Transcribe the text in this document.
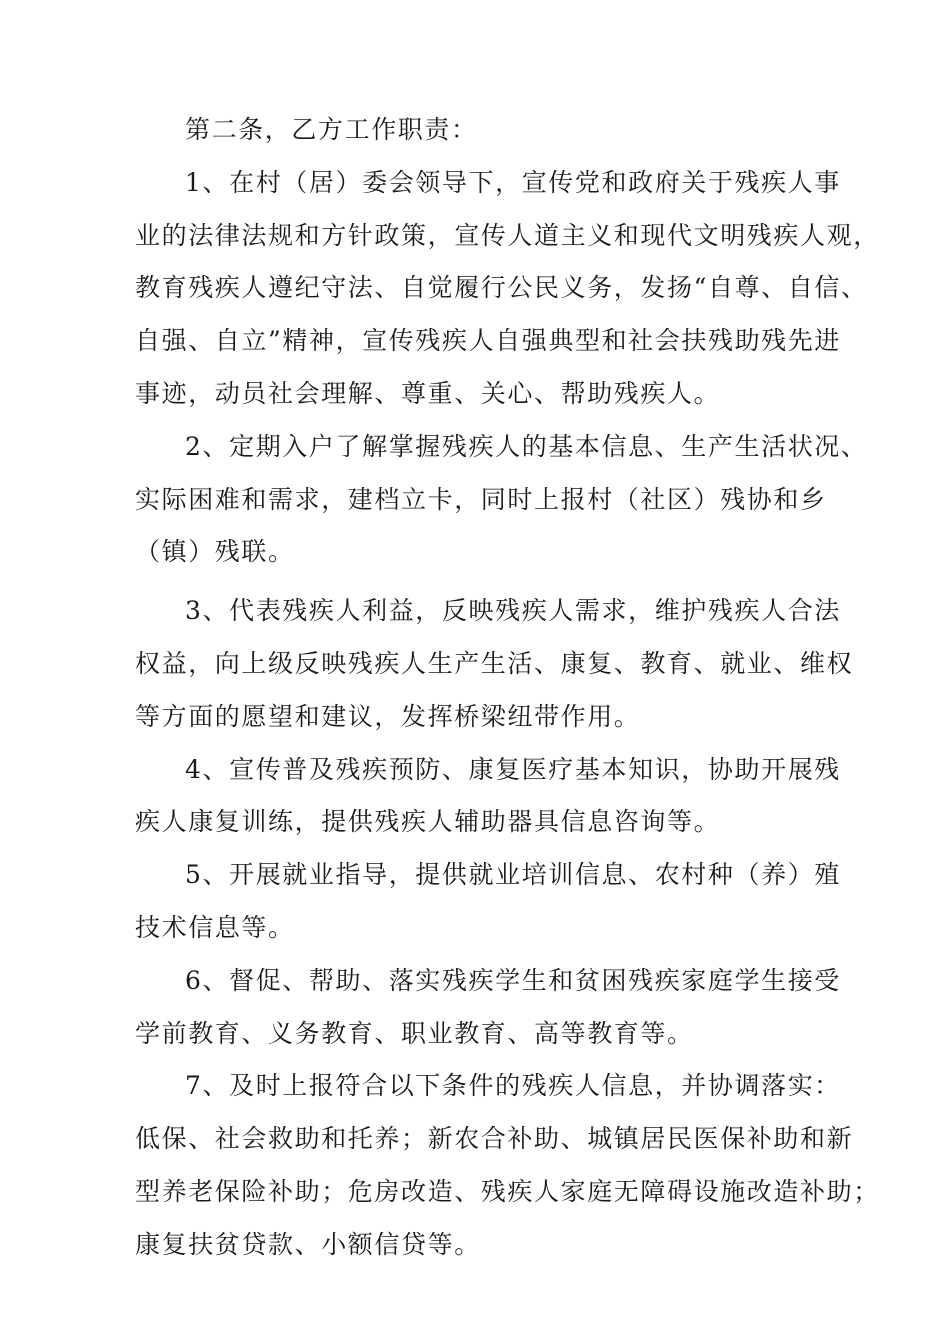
第二条，乙方工作职责：
1、在村（居）委会领导下，宣传党和政府关于残疾人事
业的法律法规和方针政策，宣传人道主义和现代文明残疾人观，
教育残疾人遵纪守法、自觉履行公民义务，发扬“自尊、自信、
自强、自立”精神，宣传残疾人自强典型和社会扶残助残先进
事迹，动员社会理解、尊重、关心、帮助残疾人。
2、定期入户了解掌握残疾人的基本信息、生产生活状况、
实际困难和需求，建档立卡，同时上报村（社区）残协和乡
（镇）残联。
3、代表残疾人利益，反映残疾人需求，维护残疾人合法
权益，向上级反映残疾人生产生活、康复、教育、就业、维权
等方面的愿望和建议，发挥桥梁纽带作用。
4、宣传普及残疾预防、康复医疗基本知识，协助开展残
疾人康复训练，提供残疾人辅助器具信息咨询等。
5、开展就业指导，提供就业培训信息、农村种（养）殖
技术信息等。
6、督促、帮助、落实残疾学生和贫困残疾家庭学生接受
学前教育、义务教育、职业教育、高等教育等。
7、及时上报符合以下条件的残疾人信息，并协调落实：
低保、社会救助和托养；新农合补助、城镇居民医保补助和新
型养老保险补助；危房改造、残疾人家庭无障碍设施改造补助；
康复扶贫贷款、小额信贷等。
